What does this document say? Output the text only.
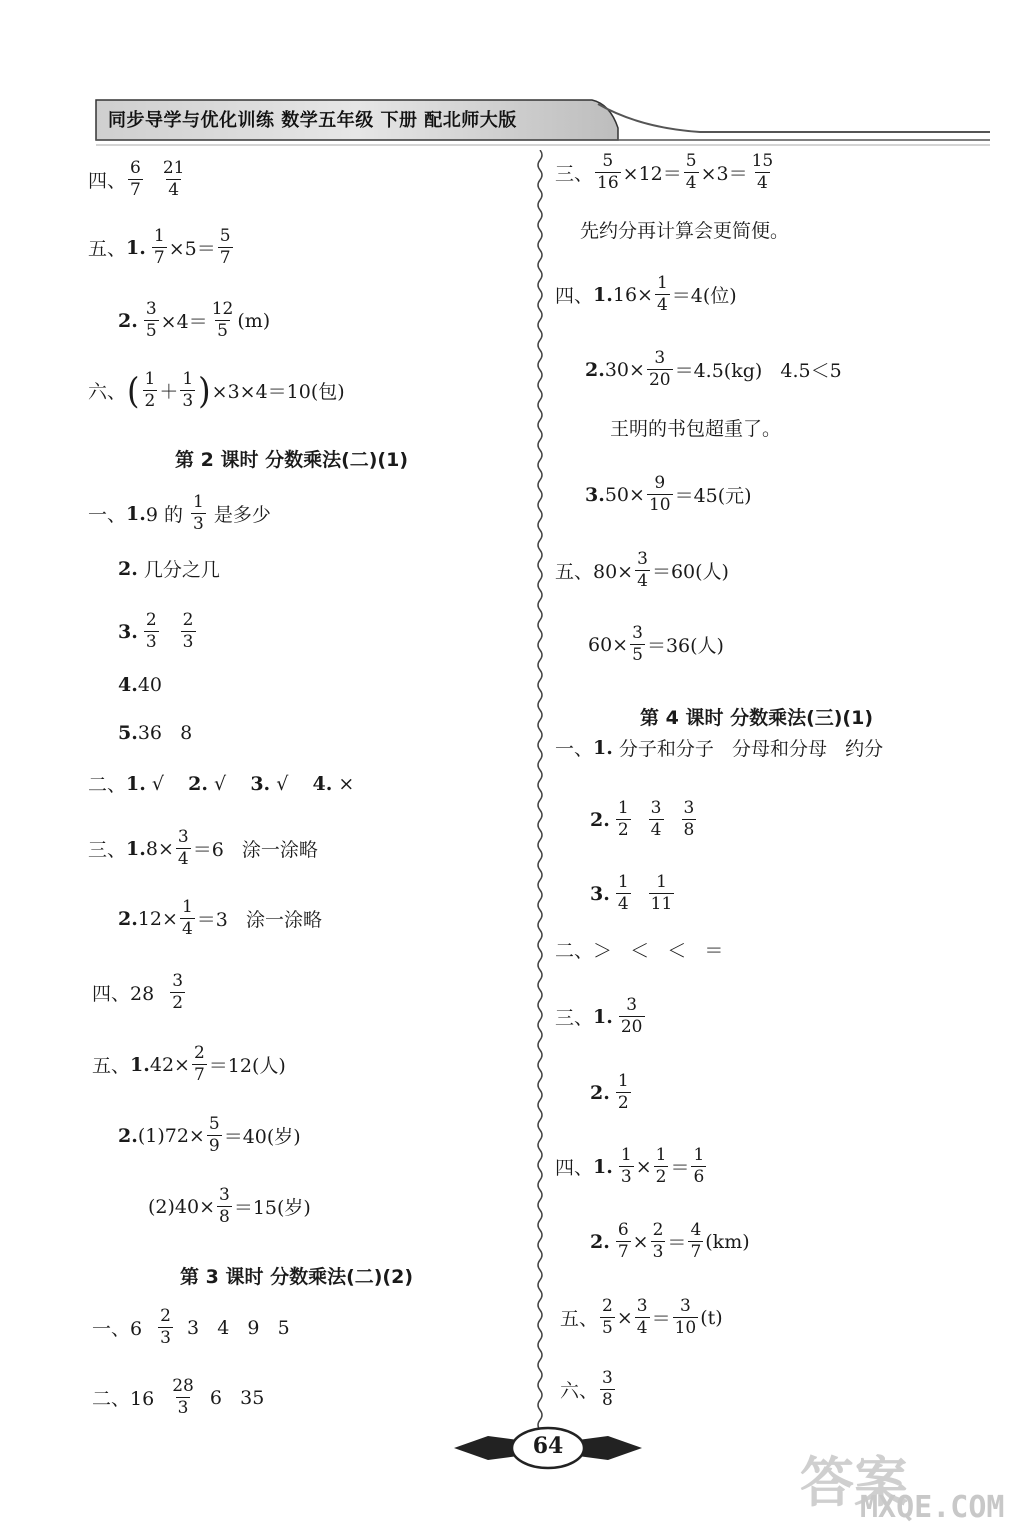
同步导学与优化训练 数学五年级 下册 配北师大版
第 2 课时 分数乘法(二)(1)
第 3 课时 分数乘法(二)(2)
第 4 课时 分数乘法(三)(1)
四、 $\frac{6}{7} \frac{21}{4}$
五、 1. $\frac{1}{7} \times 5= \frac{5}{7}$
2. $\frac{3}{5} \times 4= \frac{12}{5} (m)$
六、 ( $\frac{1}{2} + \frac{1}{3}$ ) ×3×4＝10(包)
一、 1. 9 的 $\frac{1}{3}$ 是多少
2. 几分之几
3. $\frac{2}{3} \frac{2}{3}$
4. 40
5. 36   8
二、 1. √ 2. √ 3. √ 4. ×
三、 1. $8\times \frac{3}{4} =6$   涂一涂略
2. $12\times \frac{1}{4} =3$   涂一涂略
四、$28 \frac{3}{2}$
五、 1. $42\times \frac{2}{7} =12$(人)
2. $(1)72\times \frac{5}{9} =40$(岁)
$(2)40\times \frac{3}{8} =15$(岁)
一、$6 \frac{2}{3} 3$   4   9   5
二、$16 \frac{28}{3} 6$   35
三、 $\frac{5}{16} \times 12= \frac{5}{4} \times 3= \frac{15}{4}$
先约分再计算会更简便。
四、 1. $16\times \frac{1}{4} =4$(位)
2. $30\times \frac{3}{20} =4.5(kg)$   4.5＜5
王明的书包超重了。
3. $50\times \frac{9}{10} =45$(元)
五、$80\times \frac{3}{4} =60$(人)
$60\times \frac{3}{5} =36$(人)
一、 1. 分子和分子   分母和分母   约分
2. $\frac{1}{2} \frac{3}{4} \frac{3}{8}$
3. $\frac{1}{4} \frac{1}{11}$
二、＞   ＜   ＜   ＝
三、 1. $\frac{3}{20}$
2. $\frac{1}{2}$
四、 1. $\frac{1}{3} \times \frac{1}{2} = \frac{1}{6}$
2. $\frac{6}{7} \times \frac{2}{3} = \frac{4}{7} (km)$
五、 $\frac{2}{5} \times \frac{3}{4} = \frac{3}{10} (t)$
六、 $\frac{3}{8}$
答案
MXQE.COM
64
